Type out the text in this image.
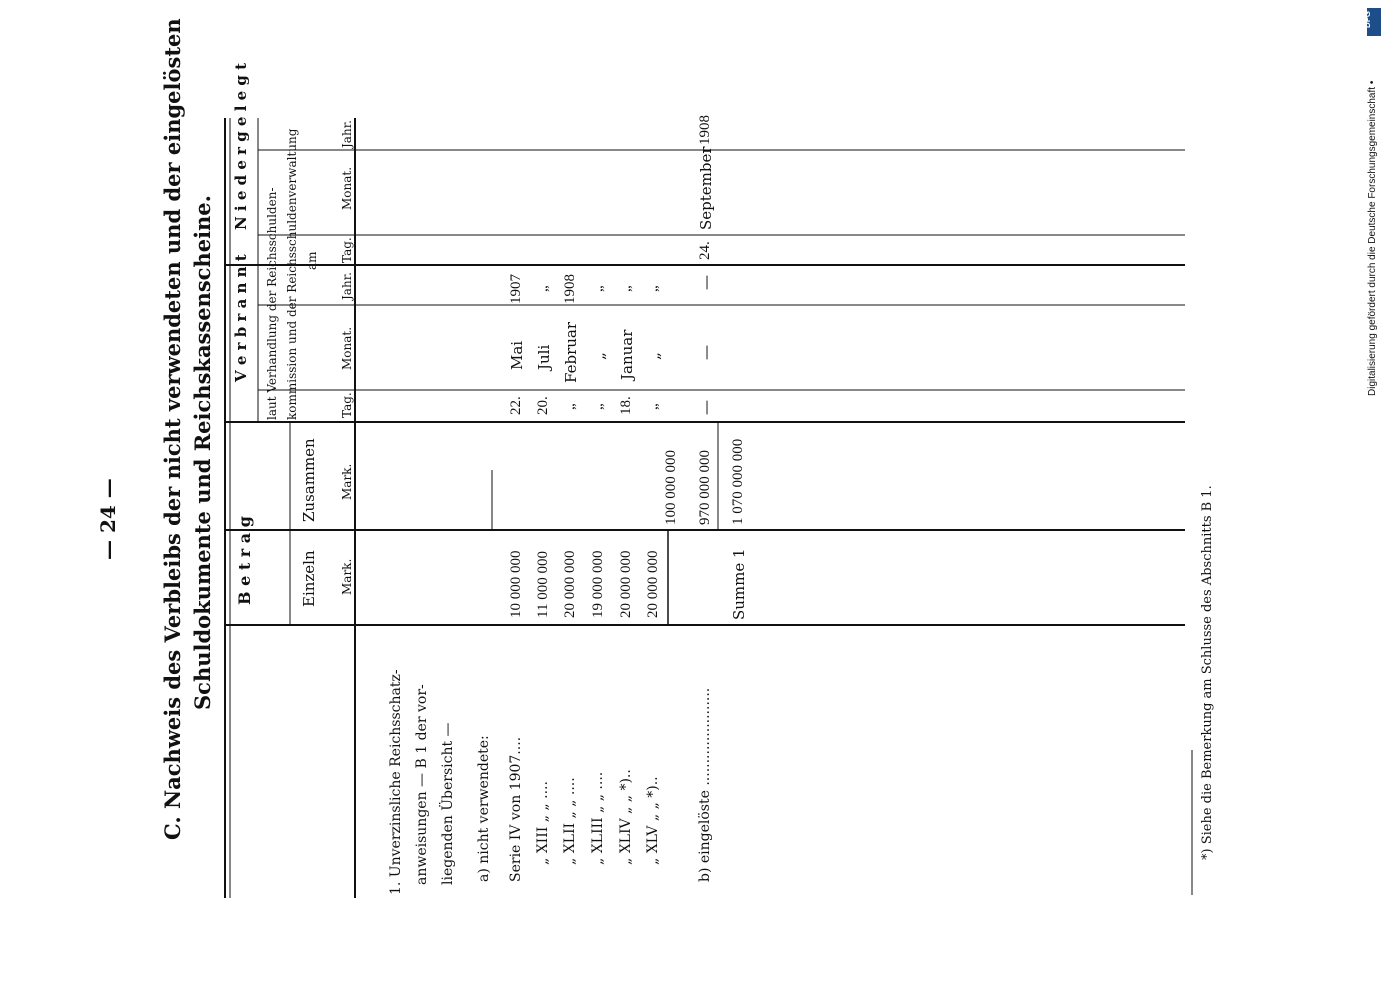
— 24 — C. Nachweis des Verbleibs der nicht verwendeten und der eingelösten Schuldokumente und Reichskassenscheine. B e t r a g	Einzeln Mark.
Zusammen Mark.
V e r b r a n n t laut Verhandlung der Reichsschulden- kommission und der Reichsschuldenverwaltung am
N i e d e r g e l e g t
Tag.
Monat.
Jahr.
Tag.
Monat.
Jahr.
1. Unverzinsliche Reichsschatz- anweisungen — B 1 der vor- liegenden Übersicht — a) nicht verwendete: Serie IV von 1907....
10 000 000
22.
Mai
1907
„ XIII „ „ ....
11 000 000
20.
Juli
„
„ XLII „ „ ....
20 000 000
„
Februar
1908
„ XLIII „ „ ....
19 000 000
„
„
„
„ XLIV „ „ *)..
20 000 000
18.
Januar
„
„ XLV „ „ *)..
20 000 000
„
„
„
100 000 000
b) eingelöste ......................
970 000 000
—
—
—
24.
September
1908
Summe 1
1 070 000 000
*) Siehe die Bemerkung am Schlusse des Abschnitts B 1.
DFG
Digitalisierung gefördert durch die Deutsche Forschungsgemeinschaft •
